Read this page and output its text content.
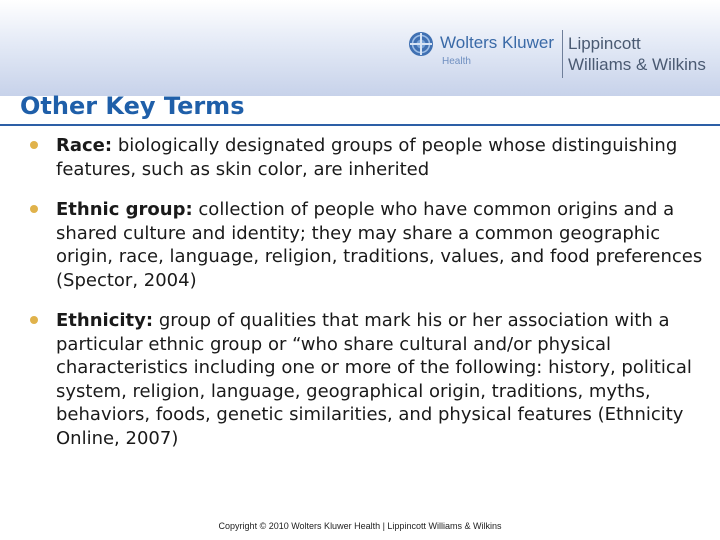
Wolters Kluwer
Health
Lippincott
Williams & Wilkins
Other Key Terms
Race: biologically designated groups of people whose distinguishing features, such as skin color, are inherited
Ethnic group: collection of people who have common origins and a shared culture and identity; they may share a common geographic origin, race, language, religion, traditions, values, and food preferences (Spector, 2004)
Ethnicity: group of qualities that mark his or her association with a particular ethnic group or “who share cultural and/or physical characteristics including one or more of the following: history, political system, religion, language, geographical origin, traditions, myths, behaviors, foods, genetic similarities, and physical features (Ethnicity Online, 2007)
Copyright © 2010 Wolters Kluwer Health | Lippincott Williams & Wilkins
